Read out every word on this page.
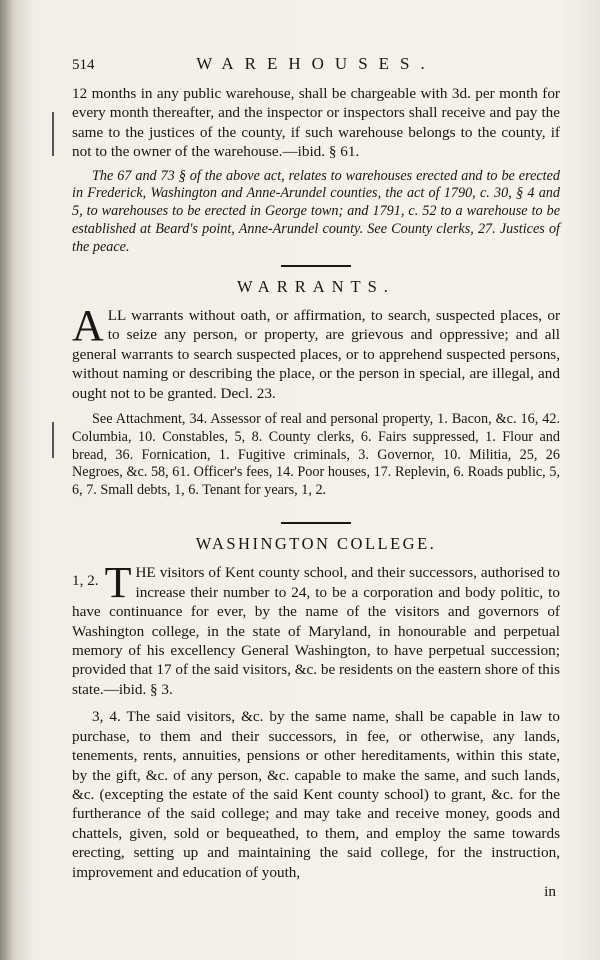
514	WAREHOUSES.

12 months in any public warehouse, shall be chargeable with 3d. per month for every month thereafter, and the inspector or inspectors shall receive and pay the same to the justices of the county, if such warehouse belongs to the county, if not to the owner of the warehouse.—ibid. § 61.

The 67 and 73 § of the above act, relates to warehouses erected and to be erected in Frederick, Washington and Anne-Arundel counties, the act of 1790, c. 30, § 4 and 5, to warehouses to be erected in George town; and 1791, c. 52 to a warehouse to be established at Beard's point, Anne-Arundel county. See County clerks, 27. Justices of the peace.

WARRANTS.
A LL warrants without oath, or affirmation, to search, suspected places, or to seize any person, or property, are grievous and oppressive; and all general warrants to search suspected places, or to apprehend suspected persons, without naming or describing the place, or the person in special, are illegal, and ought not to be granted. Decl. 23.

See Attachment, 34. Assessor of real and personal property, 1. Bacon, &c. 16, 42. Columbia, 10. Constables, 5, 8. County clerks, 6. Fairs suppressed, 1. Flour and bread, 36. Fornication, 1. Fugitive criminals, 3. Governor, 10. Militia, 25, 26 Negroes, &c. 58, 61. Officer's fees, 14. Poor houses, 17. Replevin, 6. Roads public, 5, 6, 7. Small debts, 1, 6. Tenant for years, 1, 2.

WASHINGTON COLLEGE.
1, 2. T HE visitors of Kent county school, and their successors, authorised to increase their number to 24, to be a corporation and body politic, to have continuance for ever, by the name of the visitors and governors of Washington college, in the state of Maryland, in honourable and perpetual memory of his excellency General Washington, to have perpetual succession; provided that 17 of the said visitors, &c. be residents on the eastern shore of this state.—ibid. § 3.

3, 4. The said visitors, &c. by the same name, shall be capable in law to purchase, to them and their successors, in fee, or otherwise, any lands, tenements, rents, annuities, pensions or other hereditaments, within this state, by the gift, &c. of any person, &c. capable to make the same, and such lands, &c. (excepting the estate of the said Kent county school) to grant, &c. for the furtherance of the said college; and may take and receive money, goods and chattels, given, sold or bequeathed, to them, and employ the same towards erecting, setting up and maintaining the said college, for the instruction, improvement and education of youth,

in
